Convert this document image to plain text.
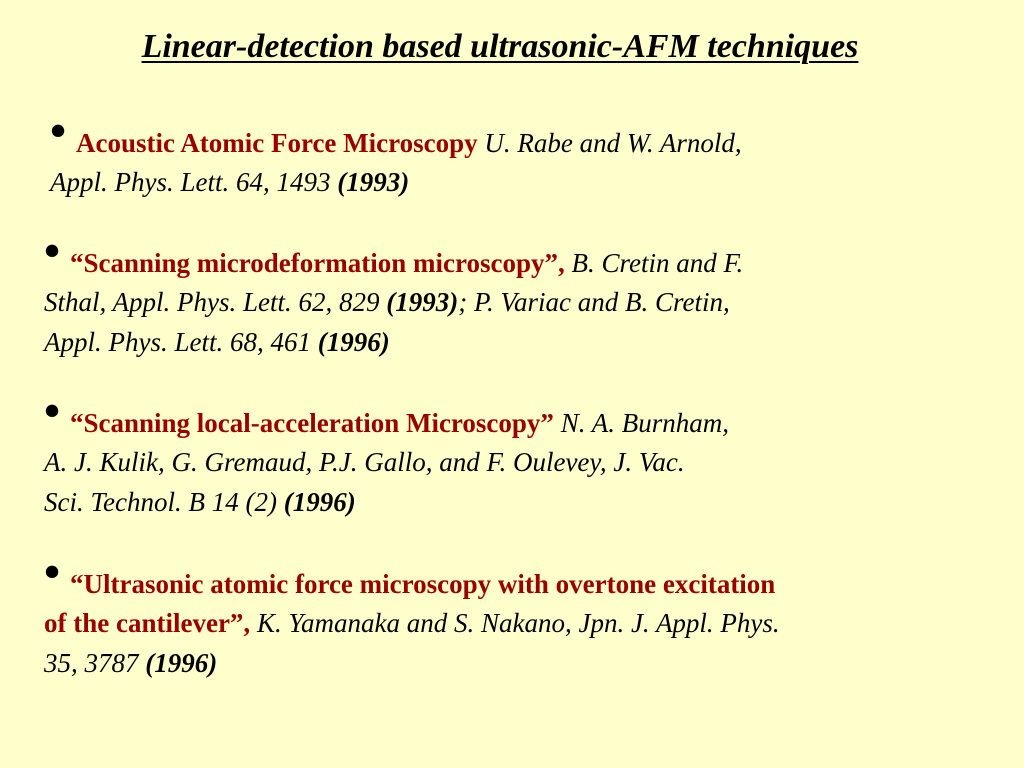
Linear-detection based ultrasonic-AFM techniques
• Acoustic Atomic Force Microscopy U. Rabe and W. Arnold,
Appl. Phys. Lett. 64, 1493 (1993)
• “Scanning microdeformation microscopy”, B. Cretin and F.
Sthal, Appl. Phys. Lett. 62, 829 (1993); P. Variac and B. Cretin,
Appl. Phys. Lett. 68, 461 (1996)
• “Scanning local-acceleration Microscopy” N. A. Burnham,
A. J. Kulik, G. Gremaud, P.J. Gallo, and F. Oulevey, J. Vac.
Sci. Technol. B 14 (2) (1996)
• “Ultrasonic atomic force microscopy with overtone excitation
of the cantilever”, K. Yamanaka and S. Nakano, Jpn. J. Appl. Phys.
35, 3787 (1996)
